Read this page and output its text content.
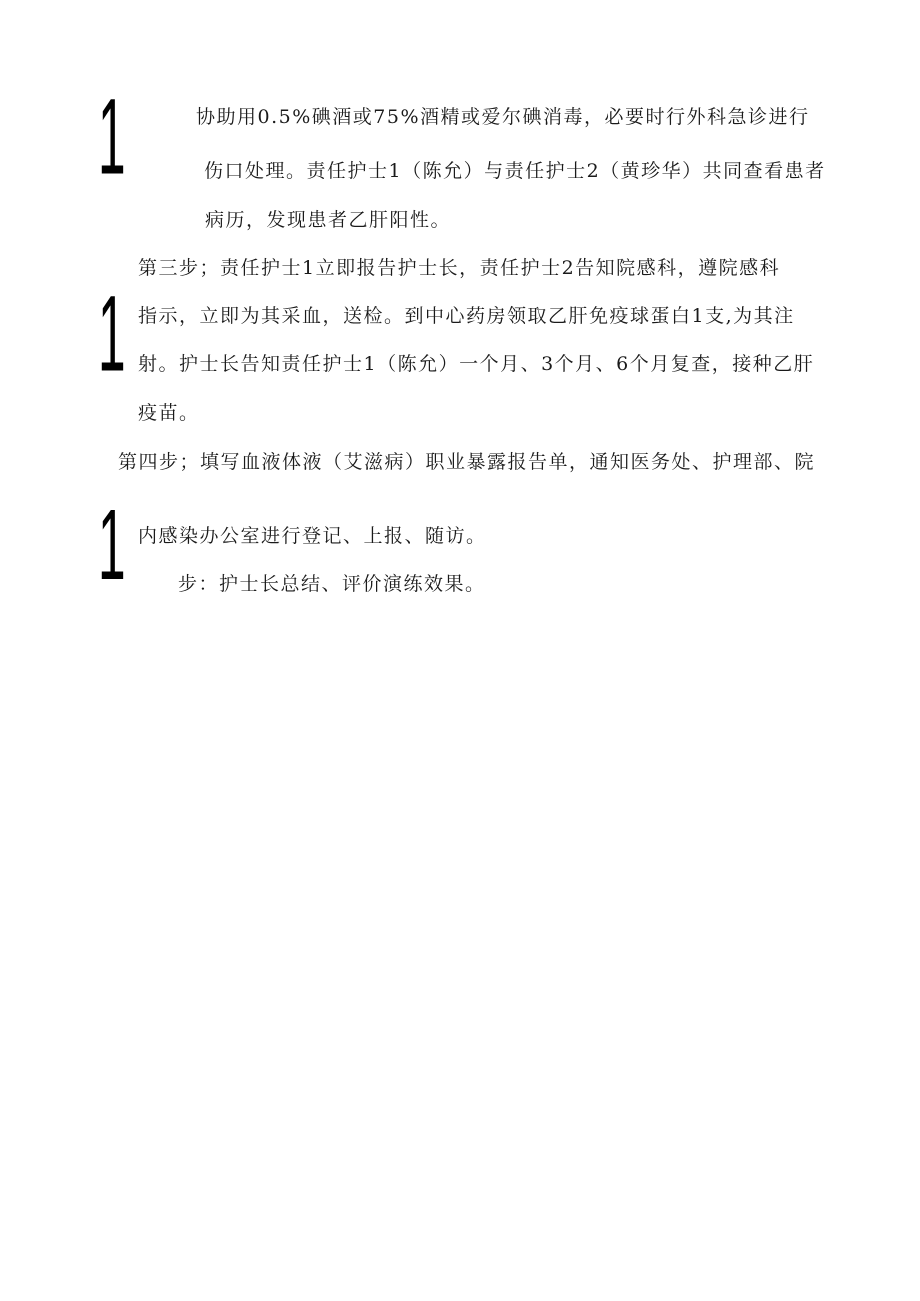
1
1
1
协助用0.5%碘酒或75%酒精或爱尔碘消毒，必要时行外科急诊进行
伤口处理。责任护士1（陈允）与责任护士2（黄珍华）共同查看患者
病历，发现患者乙肝阳性。
第三步；责任护士1立即报告护士长，责任护士2告知院感科，遵院感科
指示，立即为其采血，送检。到中心药房领取乙肝免疫球蛋白1支,为其注
射。护士长告知责任护士1（陈允）一个月、3个月、6个月复查，接种乙肝
疫苗。
第四步；填写血液体液（艾滋病）职业暴露报告单，通知医务处、护理部、院
内感染办公室进行登记、上报、随访。
步：护士长总结、评价演练效果。
